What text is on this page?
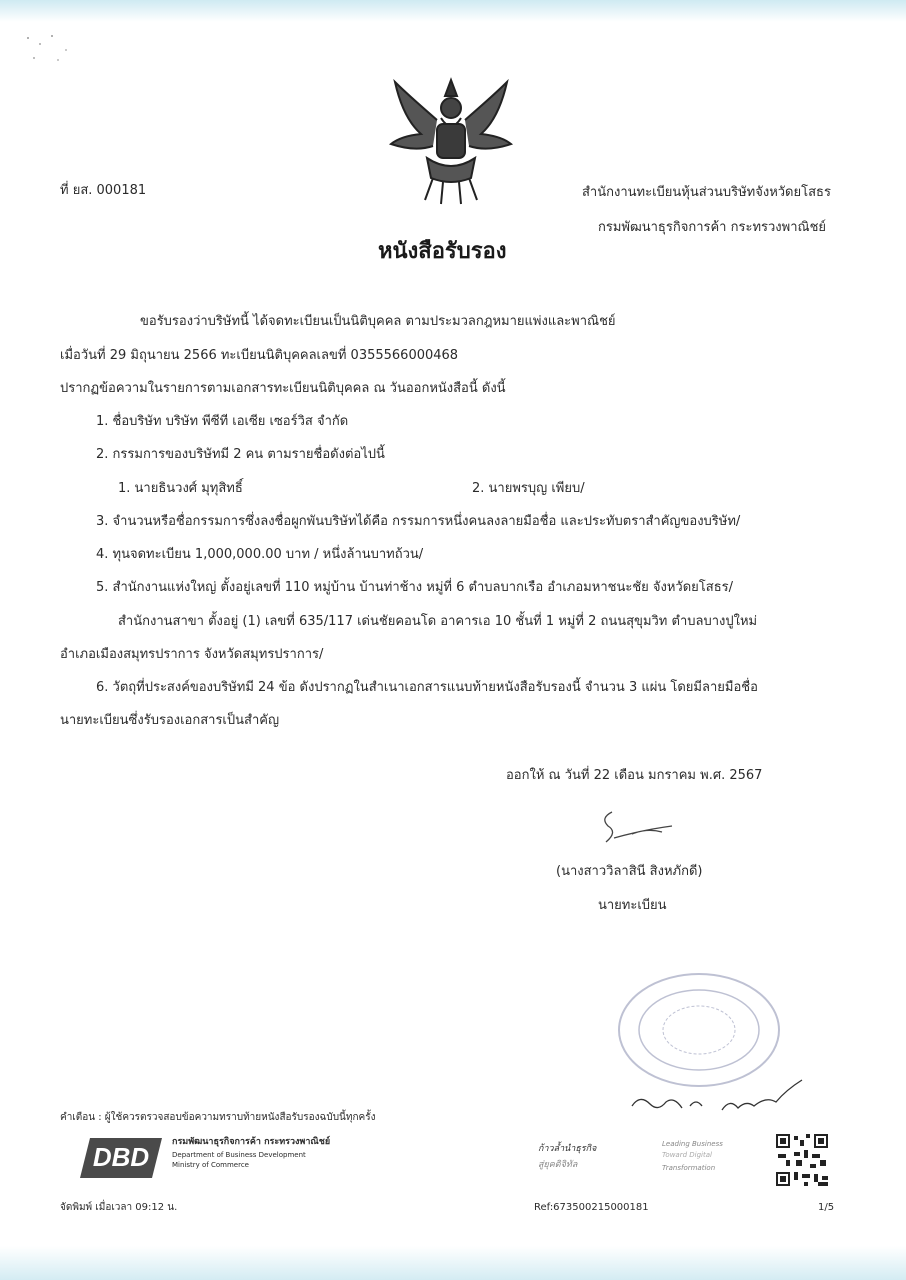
ที่ ยส. 000181	สำนักงานทะเบียนหุ้นส่วนบริษัทจังหวัดยโสธร
กรมพัฒนาธุรกิจการค้า กระทรวงพาณิชย์
หนังสือรับรอง
ขอรับรองว่าบริษัทนี้ ได้จดทะเบียนเป็นนิติบุคคล ตามประมวลกฎหมายแพ่งและพาณิชย์
เมื่อวันที่ 29 มิถุนายน 2566 ทะเบียนนิติบุคคลเลขที่ 0355566000468
ปรากฏข้อความในรายการตามเอกสารทะเบียนนิติบุคคล ณ วันออกหนังสือนี้ ดังนี้
1. ชื่อบริษัท บริษัท พีซีที เอเซีย เซอร์วิส จำกัด
2. กรรมการของบริษัทมี 2 คน ตามรายชื่อดังต่อไปนี้
1. นายธินวงศ์ มุทุสิทธิ์	2. นายพรบุญ เพียบ/
3. จำนวนหรือชื่อกรรมการซึ่งลงชื่อผูกพันบริษัทได้คือ กรรมการหนึ่งคนลงลายมือชื่อ และประทับตราสำคัญของบริษัท/
4. ทุนจดทะเบียน 1,000,000.00 บาท / หนึ่งล้านบาทถ้วน/
5. สำนักงานแห่งใหญ่ ตั้งอยู่เลขที่ 110 หมู่บ้าน บ้านท่าช้าง หมู่ที่ 6 ตำบลบากเรือ อำเภอมหาชนะชัย จังหวัดยโสธร/
สำนักงานสาขา ตั้งอยู่ (1) เลขที่ 635/117 เด่นชัยคอนโด อาคารเอ 10 ชั้นที่ 1 หมู่ที่ 2 ถนนสุขุมวิท ตำบลบางปูใหม่
อำเภอเมืองสมุทรปราการ จังหวัดสมุทรปราการ/
6. วัตถุที่ประสงค์ของบริษัทมี 24 ข้อ ดังปรากฏในสำเนาเอกสารแนบท้ายหนังสือรับรองนี้ จำนวน 3 แผ่น โดยมีลายมือชื่อ
นายทะเบียนซึ่งรับรองเอกสารเป็นสำคัญ
ออกให้ ณ วันที่ 22 เดือน มกราคม พ.ศ. 2567
(นางสาววิลาสินี สิงหภักดี)
นายทะเบียน
คำเตือน : ผู้ใช้ควรตรวจสอบข้อความทราบท้ายหนังสือรับรองฉบับนี้ทุกครั้ง
DBD	กรมพัฒนาธุรกิจการค้า กระทรวงพาณิชย์
Department of Business Development
Ministry of Commerce
ก้าวล้ำนำธุรกิจ
สู่ยุคดิจิทัล
Leading Business
Toward Digital
Transformation
จัดพิมพ์ เมื่อเวลา 09:12 น.	Ref:673500215000181	1/5
